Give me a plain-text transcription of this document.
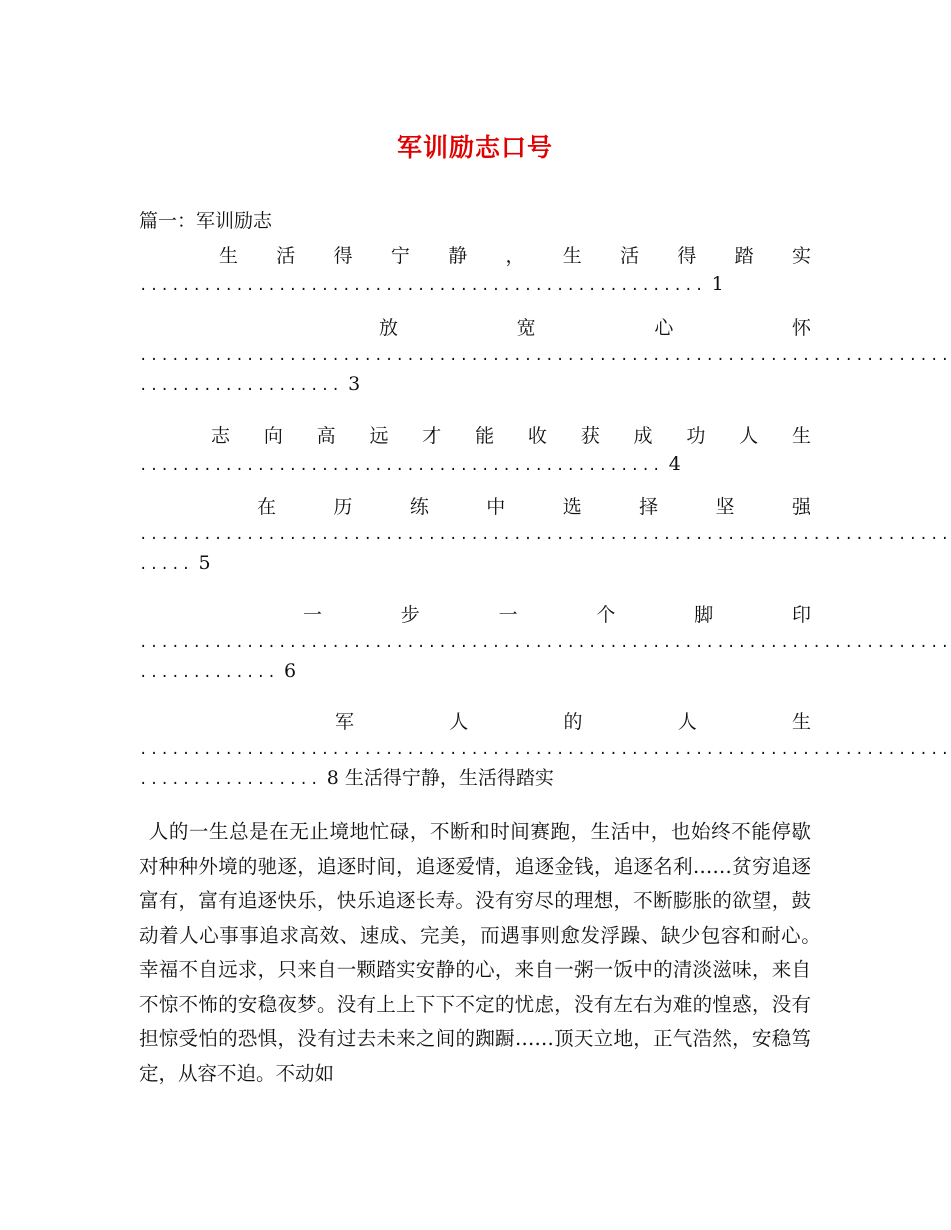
军训励志口号
篇一：军训励志
生 活 得 宁 静 ， 生 活 得 踏 实
..................................................... 1
放	宽	心	怀
............................................................................
................... 3
志 向 高 远 才 能 收 获 成 功 人 生
................................................. 4
在	历	练	中	选	择	坚	强
............................................................................
..... 5
一	步	一	个	脚	印
............................................................................
............. 6
军	人	的	人	生
............................................................................
................. 8 生活得宁静，生活得踏实

人的一生总是在无止境地忙碌，不断和时间赛跑，生活中，也始终不能停歇对种种外境的驰逐，追逐时间，追逐爱情，追逐金钱，追逐名利……贫穷追逐富有，富有追逐快乐，快乐追逐长寿。没有穷尽的理想，不断膨胀的欲望，鼓动着人心事事追求高效、速成、完美，而遇事则愈发浮躁、缺少包容和耐心。　幸福不自远求，只来自一颗踏实安静的心，来自一粥一饭中的清淡滋味，来自不惊不怖的安稳夜梦。没有上上下下不定的忧虑，没有左右为难的惶惑，没有担惊受怕的恐惧，没有过去未来之间的踟蹰……顶天立地，正气浩然，安稳笃定，从容不迫。不动如
